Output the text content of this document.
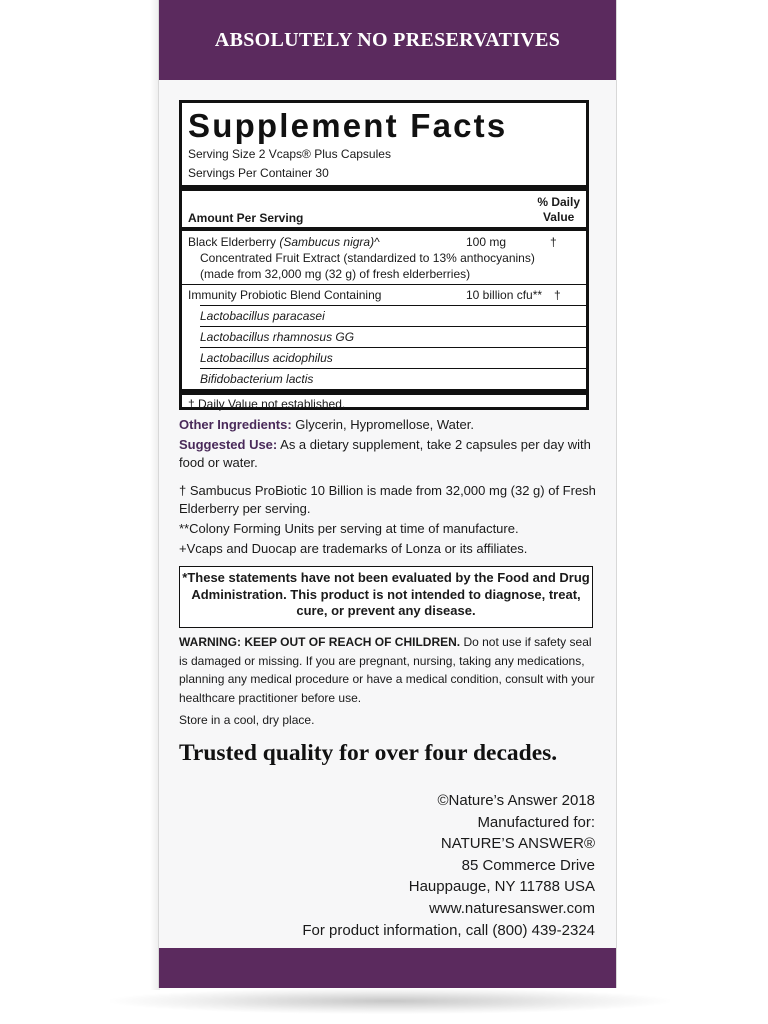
ABSOLUTELY NO PRESERVATIVES
Supplement Facts
Serving Size 2 Vcaps® Plus Capsules
Servings Per Container 30
Amount Per Serving
% Daily
Value
Black Elderberry (Sambucus nigra)^	100 mg	†
Concentrated Fruit Extract (standardized to 13% anthocyanins)
(made from 32,000 mg (32 g) of fresh elderberries)
Immunity Probiotic Blend Containing	10 billion cfu** †
Lactobacillus paracasei
Lactobacillus rhamnosus GG
Lactobacillus acidophilus
Bifidobacterium lactis
† Daily Value not established.
Other Ingredients: Glycerin, Hypromellose, Water.
Suggested Use: As a dietary supplement, take 2 capsules per day with food or water.
† Sambucus ProBiotic 10 Billion is made from 32,000 mg (32 g) of Fresh Elderberry per serving.
**Colony Forming Units per serving at time of manufacture.
+Vcaps and Duocap are trademarks of Lonza or its affiliates.
*These statements have not been evaluated by the Food and Drug Administration. This product is not intended to diagnose, treat, cure, or prevent any disease.
WARNING: KEEP OUT OF REACH OF CHILDREN. Do not use if safety seal is damaged or missing. If you are pregnant, nursing, taking any medications, planning any medical procedure or have a medical condition, consult with your healthcare practitioner before use.
Store in a cool, dry place.
Trusted quality for over four decades.
©Nature’s Answer 2018
Manufactured for:
NATURE’S ANSWER®
85 Commerce Drive
Hauppauge, NY 11788 USA
www.naturesanswer.com
For product information, call (800) 439-2324
